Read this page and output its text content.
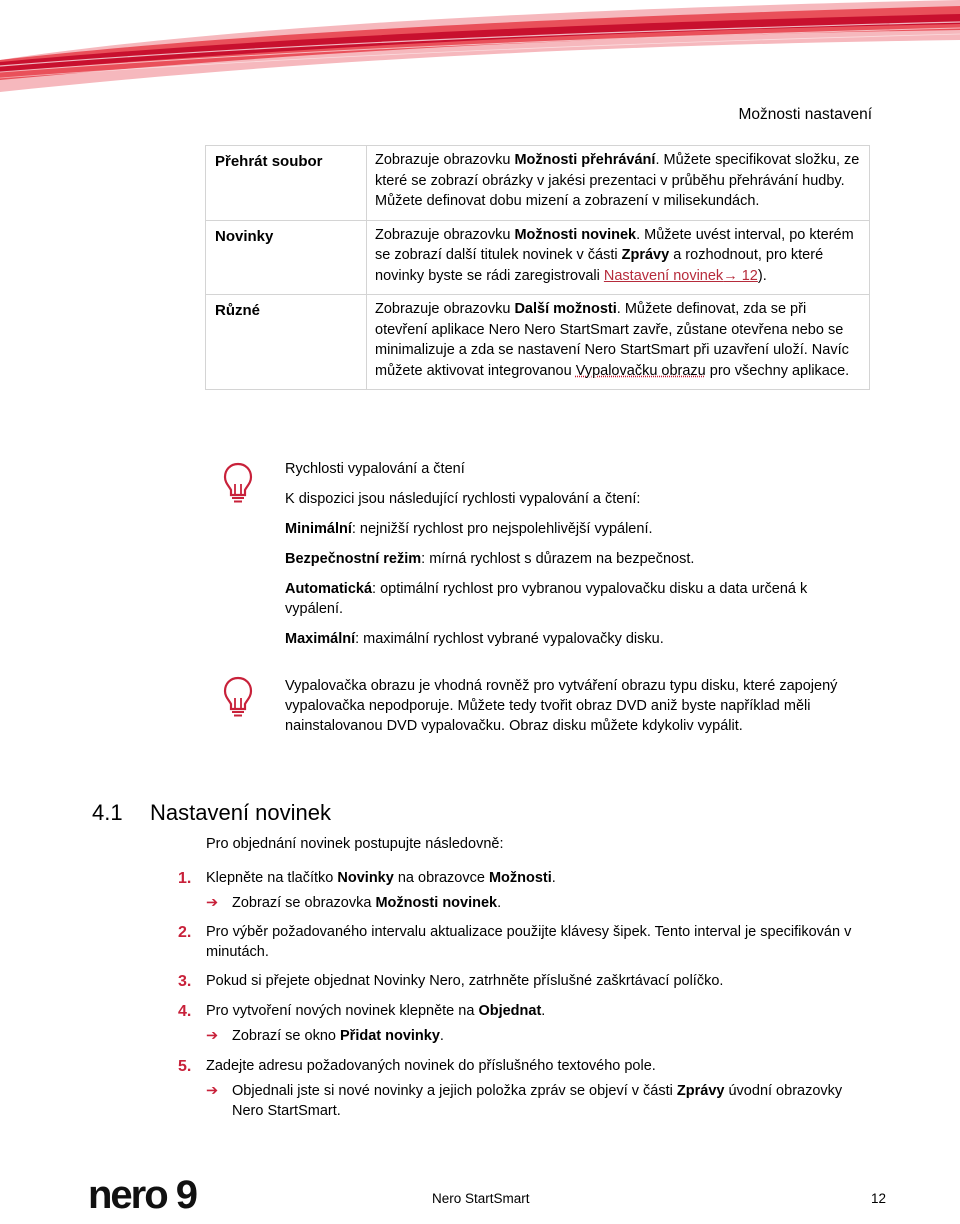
Možnosti nastavení
Přehrát soubor	Zobrazuje obrazovku Možnosti přehrávání. Můžete specifikovat složku, ze které se zobrazí obrázky v jakési prezentaci v průběhu přehrávání hudby. Můžete definovat dobu mizení a zobrazení v milisekundách.
Novinky	Zobrazuje obrazovku Možnosti novinek. Můžete uvést interval, po kterém se zobrazí další titulek novinek v části Zprávy a rozhodnout, pro které novinky byste se rádi zaregistrovali Nastavení novinek→ 12).
Různé	Zobrazuje obrazovku Další možnosti. Můžete definovat, zda se při otevření aplikace Nero Nero StartSmart zavře, zůstane otevřena nebo se minimalizuje a zda se nastavení Nero StartSmart při uzavření uloží. Navíc můžete aktivovat integrovanou Vypalovačku obrazu pro všechny aplikace.

Rychlosti vypalování a čtení

K dispozici jsou následující rychlosti vypalování a čtení:

Minimální: nejnižší rychlost pro nejspolehlivější vypálení.

Bezpečnostní režim: mírná rychlost s důrazem na bezpečnost.

Automatická: optimální rychlost pro vybranou vypalovačku disku a data určená k vypálení.

Maximální: maximální rychlost vybrané vypalovačky disku.

Vypalovačka obrazu je vhodná rovněž pro vytváření obrazu typu disku, které zapojený vypalovačka nepodporuje. Můžete tedy tvořit obraz DVD aniž byste například měli nainstalovanou DVD vypalovačku. Obraz disku můžete kdykoliv vypálit.

4.1 Nastavení novinek
Pro objednání novinek postupujte následovně:
1. Klepněte na tlačítko Novinky na obrazovce Možnosti.
➔ Zobrazí se obrazovka Možnosti novinek.
2. Pro výběr požadovaného intervalu aktualizace použijte klávesy šipek. Tento interval je specifikován v minutách.
3. Pokud si přejete objednat Novinky Nero, zatrhněte příslušné zaškrtávací políčko.
4. Pro vytvoření nových novinek klepněte na Objednat.
➔ Zobrazí se okno Přidat novinky.
5. Zadejte adresu požadovaných novinek do příslušného textového pole.
➔ Objednali jste si nové novinky a jejich položka zpráv se objeví v části Zprávy úvodní obrazovky Nero StartSmart.
nero 9	Nero StartSmart	12
